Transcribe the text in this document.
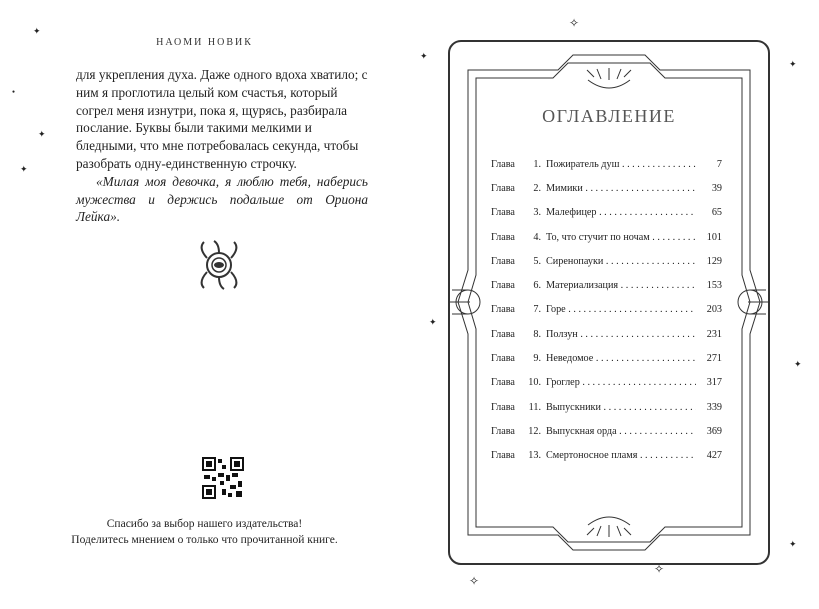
✦
●
✦
✦
НАОМИ НОВИК

для укрепления духа. Даже одного вдоха хватило; с ним я проглотила целый ком счастья, который согрел меня изнутри, пока я, щурясь, разбирала послание. Буквы были такими мелкими и бледными, что мне потребовалась секунда, чтобы разобрать одну-единственную строчку.

«Милая моя девочка, я люблю тебя, наберись мужества и держись подальше от Ориона Лейка».

Спасибо за выбор нашего издательства!
Поделитесь мнением о только что прочитанной книге.
✦
✧
✦
✦
✦
✧
✧
✦
ОГЛАВЛЕНИЕ
Глава	1. Пожиратель душ . . .	7
Глава	2. Мимики . . .	39
Глава	3. Малефицер . . .	65
Глава	4. То, что стучит по ночам . . .	101
Глава	5. Сиренопауки . . .	129
Глава	6. Материализация . . .	153
Глава	7. Горе . . .	203
Глава	8. Ползун . . .	231
Глава	9. Неведомое . . .	271
Глава	10. Гроглер . . .	317
Глава	11. Выпускники . . .	339
Глава	12. Выпускная орда . . .	369
Глава	13. Смертоносное пламя . . .	427
